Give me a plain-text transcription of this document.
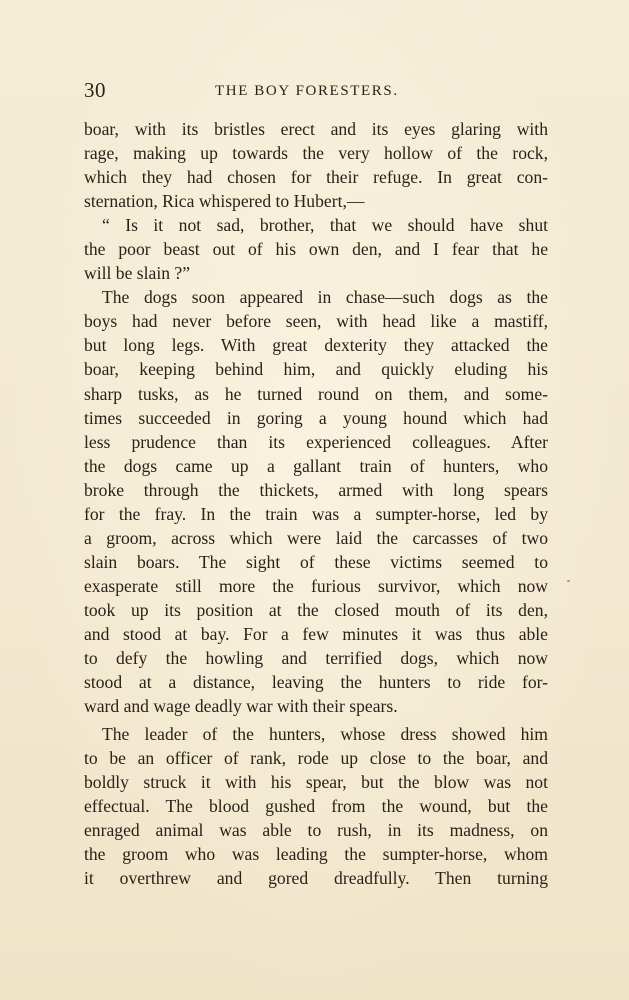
30	THE BOY FORESTERS.
boar, with its bristles erect and its eyes glaring with
rage, making up towards the very hollow of the rock,
which they had chosen for their refuge. In great con-
sternation, Rica whispered to Hubert,—
“ Is it not sad, brother, that we should have shut
the poor beast out of his own den, and I fear that he
will be slain ?”
The dogs soon appeared in chase—such dogs as the
boys had never before seen, with head like a mastiff,
but long legs. With great dexterity they attacked the
boar, keeping behind him, and quickly eluding his
sharp tusks, as he turned round on them, and some-
times succeeded in goring a young hound which had
less prudence than its experienced colleagues. After
the dogs came up a gallant train of hunters, who
broke through the thickets, armed with long spears
for the fray. In the train was a sumpter-horse, led by
a groom, across which were laid the carcasses of two
slain boars. The sight of these victims seemed to
exasperate still more the furious survivor, which now
took up its position at the closed mouth of its den,
and stood at bay. For a few minutes it was thus able
to defy the howling and terrified dogs, which now
stood at a distance, leaving the hunters to ride for-
ward and wage deadly war with their spears.
The leader of the hunters, whose dress showed him
to be an officer of rank, rode up close to the boar, and
boldly struck it with his spear, but the blow was not
effectual. The blood gushed from the wound, but the
enraged animal was able to rush, in its madness, on
the groom who was leading the sumpter-horse, whom
it overthrew and gored dreadfully. Then turning
